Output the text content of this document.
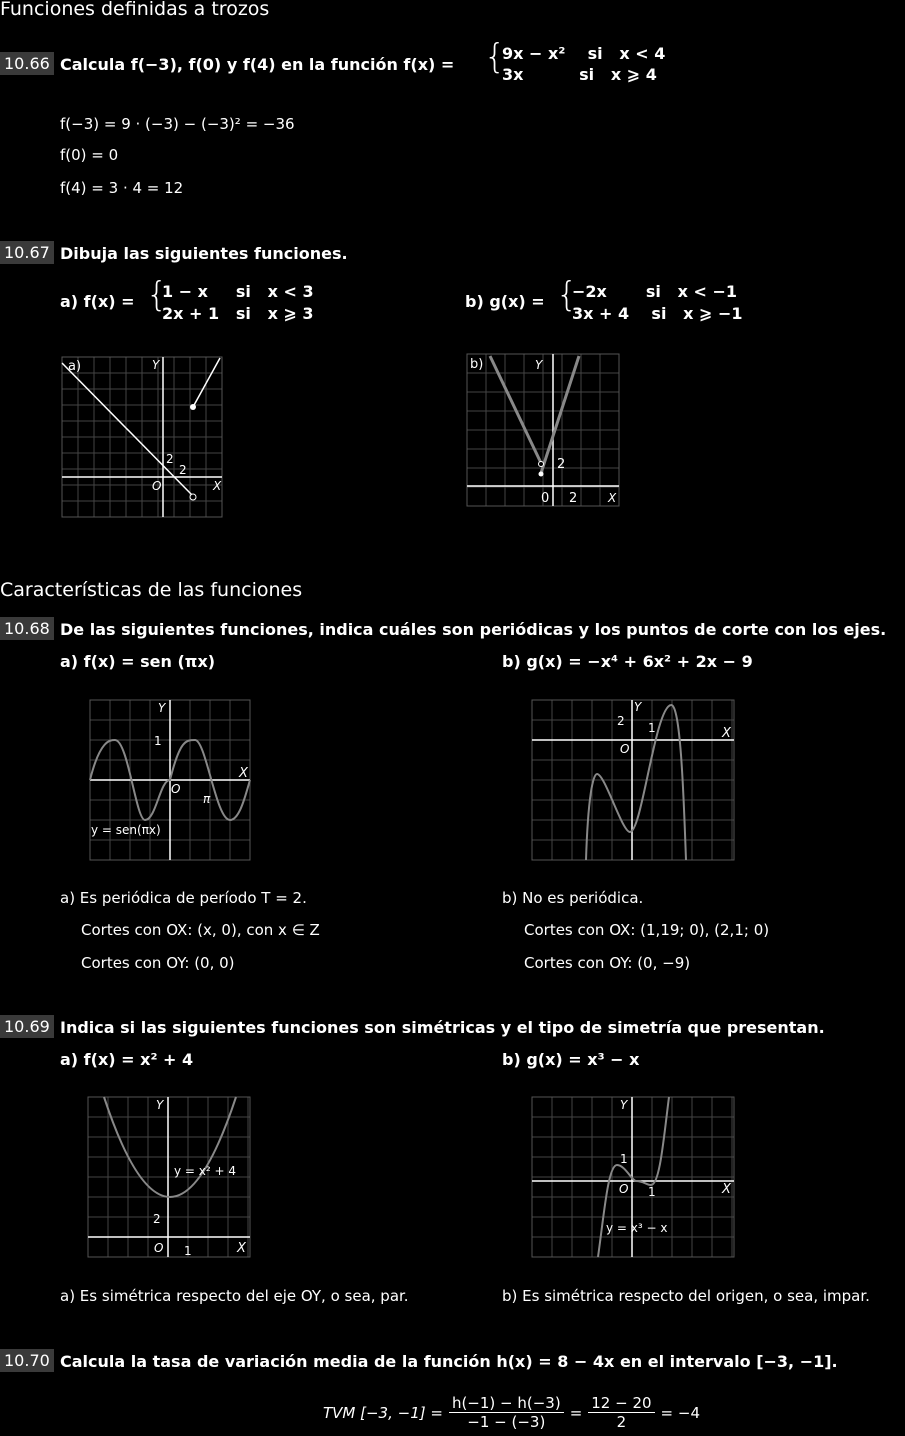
Funciones definidas a trozos
10.66 Calcula f(−3), f(0) y f(4) en la función f(x) = {
9x − x²    si   x < 4
3x          si   x ⩾ 4
f(−3) = 9 · (−3) − (−3)² = −36
f(0) = 0
f(4) = 3 · 4 = 12
10.67 Dibuja las siguientes funciones.
a) f(x) = {
1 − x     si   x < 3
2x + 1   si   x ⩾ 3
b) g(x) = {
−2x       si   x < −1
3x + 4    si   x ⩾ −1
a)	Y
X
O
2
2
b)	Y
X
0 2
2
Características de las funciones
10.68 De las siguientes funciones, indica cuáles son periódicas y los puntos de corte con los ejes.
a) f(x) = sen (πx)	b) g(x) = −x⁴ + 6x² + 2x − 9
Y
X
O
1
π
y = sen(πx)
Y
X
O
1
2
a) Es periódica de período T = 2.
Cortes con OX: (x, 0), con x ∈ Z
Cortes con OY: (0, 0)
b) No es periódica.
Cortes con OX: (1,19; 0), (2,1; 0)
Cortes con OY: (0, −9)
10.69 Indica si las siguientes funciones son simétricas y el tipo de simetría que presentan.
a) f(x) = x² + 4	b) g(x) = x³ − x
Y
X
O
2
1
y = x² + 4
Y
X
O
1
1
y = x³ − x
a) Es simétrica respecto del eje OY, o sea, par.	b) Es simétrica respecto del origen, o sea, impar.
10.70 Calcula la tasa de variación media de la función h(x) = 8 − 4x en el intervalo [−3, −1].
TVM [−3, $-1] = \frac{h(-1) - h(-3)}{-1 - (-3)} = \frac{12 - 20}{2} = -4$
